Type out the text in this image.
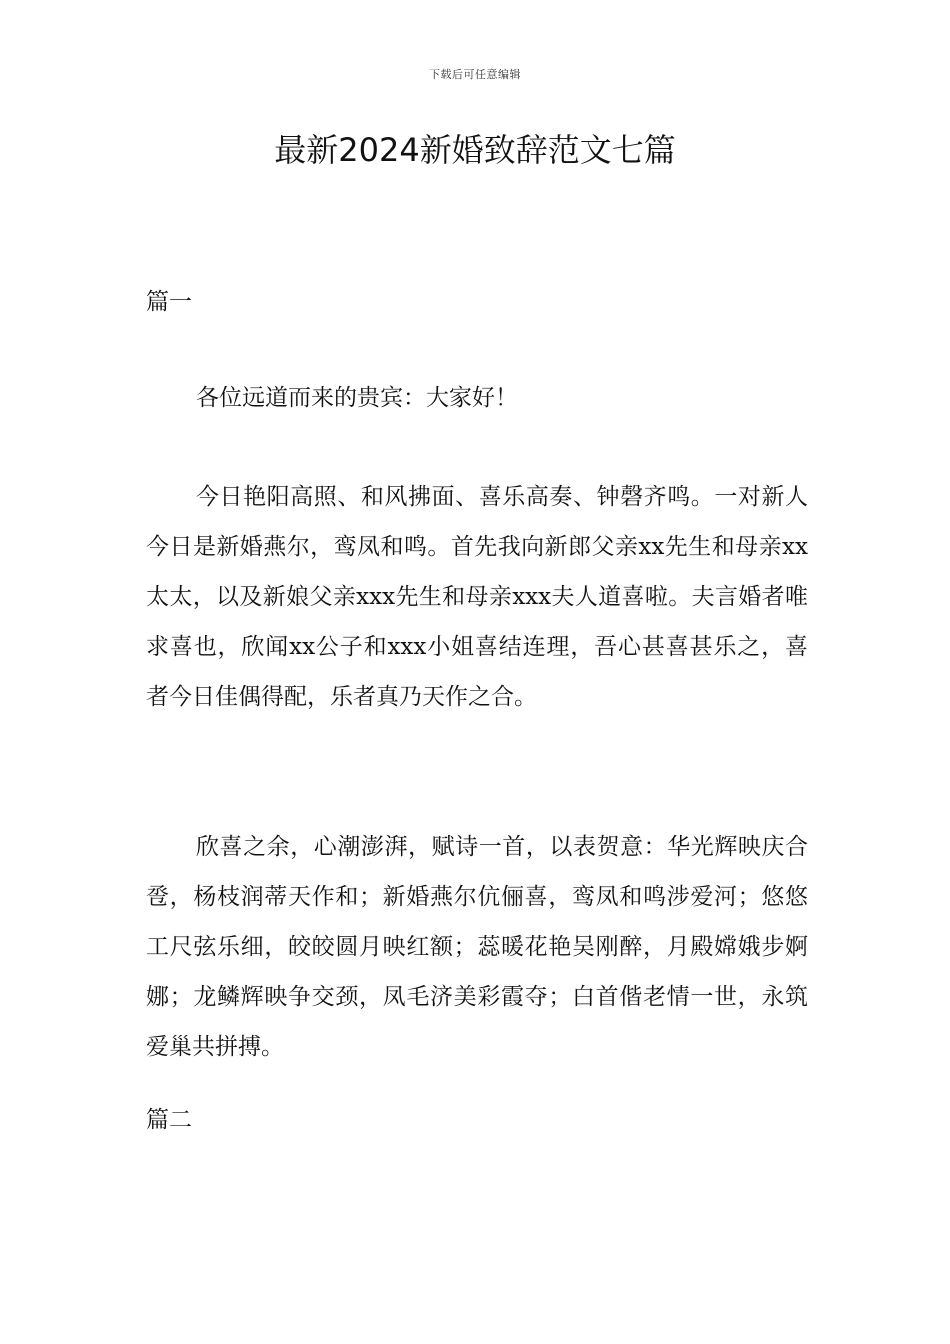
下载后可任意编辑
最新2024新婚致辞范文七篇
篇一

各位远道而来的贵宾：大家好！

今日艳阳高照、和风拂面、喜乐高奏、钟磬齐鸣。一对新人今日是新婚燕尔，鸾凤和鸣。首先我向新郎父亲xx先生和母亲xx太太，以及新娘父亲xxx先生和母亲xxx夫人道喜啦。夫言婚者唯求喜也，欣闻xx公子和xxx小姐喜结连理，吾心甚喜甚乐之，喜者今日佳偶得配，乐者真乃天作之合。

欣喜之余，心潮澎湃，赋诗一首，以表贺意：华光辉映庆合卺，杨枝润蒂天作和；新婚燕尔伉俪喜，鸾凤和鸣涉爱河；悠悠工尺弦乐细，皎皎圆月映红额；蕊暖花艳吴刚醉，月殿嫦娥步婀娜；龙鳞辉映争交颈，凤毛济美彩霞夺；白首偕老情一世，永筑爱巢共拼搏。

篇二
